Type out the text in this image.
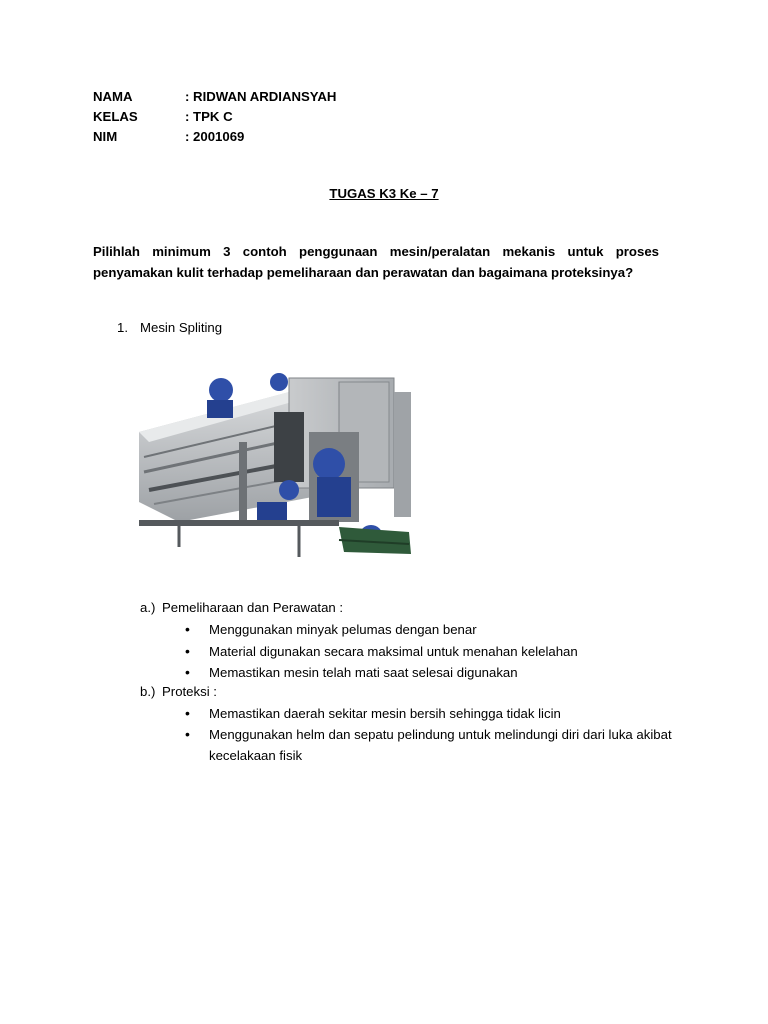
NAMA	: RIDWAN ARDIANSYAH
KELAS	: TPK C
NIM	: 2001069
TUGAS K3 Ke – 7
Pilihlah minimum 3 contoh penggunaan mesin/peralatan mekanis untuk proses penyamakan kulit terhadap pemeliharaan dan perawatan dan bagaimana proteksinya?
1. Mesin Spliting
a.) Pemeliharaan dan Perawatan :
•	Menggunakan minyak pelumas dengan benar
•	Material digunakan secara maksimal untuk menahan kelelahan
•	Memastikan mesin telah mati saat selesai digunakan
b.) Proteksi :
•	Memastikan daerah sekitar mesin bersih sehingga tidak licin
•	Menggunakan helm dan sepatu pelindung untuk melindungi diri dari luka akibat kecelakaan fisik
